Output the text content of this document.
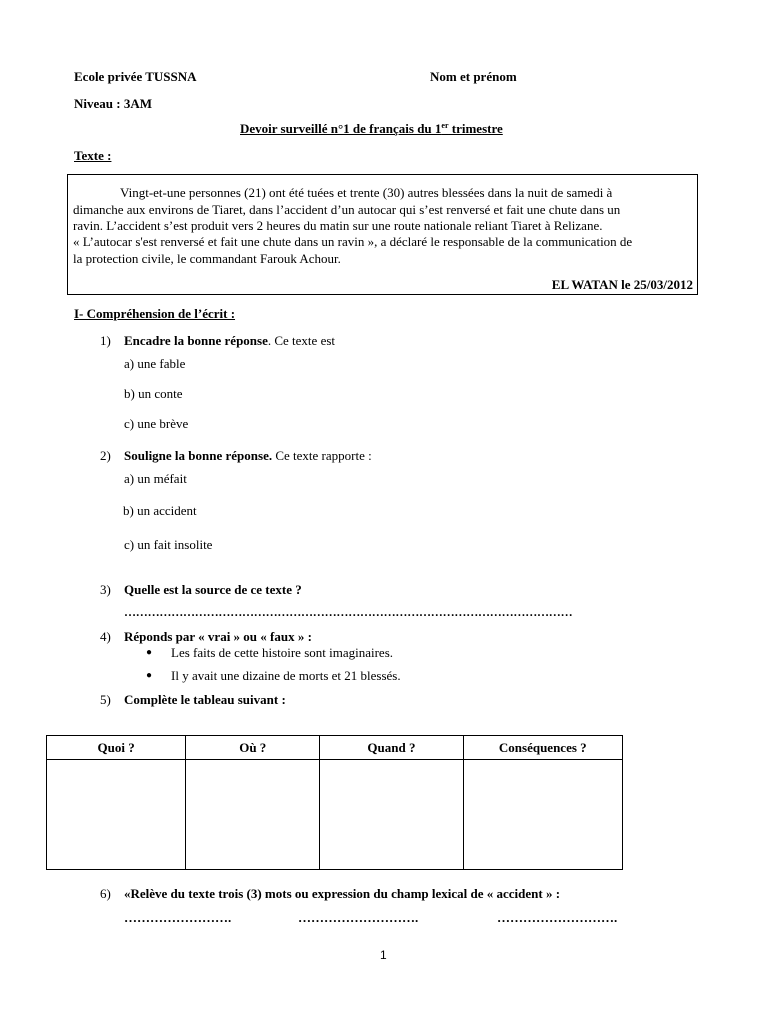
Ecole privée TUSSNA	Nom et prénom
Niveau : 3AM
Devoir surveillé n°1 de français du 1er trimestre
Texte :
Vingt-et-une personnes (21) ont été tuées et trente (30) autres blessées dans la nuit de samedi à
dimanche aux environs de Tiaret, dans l’accident d’un autocar qui s’est renversé et fait une chute dans un
ravin. L’accident s’est produit vers 2 heures du matin sur une route nationale reliant Tiaret à Relizane.
« L’autocar s'est renversé et fait une chute dans un ravin », a déclaré le responsable de la communication de
la protection civile, le commandant Farouk Achour.
EL WATAN le 25/03/2012
I- Compréhension de l’écrit :
1) Encadre la bonne réponse. Ce texte est
a) une fable
b) un conte
c) une brève
2) Souligne la bonne réponse. Ce texte rapporte :
a) un méfait
b) un accident
c) un fait insolite
3) Quelle est la source de ce texte ?
……………………………………………………………………………………………………
4) Réponds par « vrai » ou « faux » :
● Les faits de cette histoire sont imaginaires.
● Il y avait une dizaine de morts et 21 blessés.
5) Complète le tableau suivant :
Quoi ?	Où ?	Quand ?	Conséquences ?

6) «Relève du texte trois (3) mots ou expression du champ lexical de « accident » :
…………………….	……………………….	……………………….
1
